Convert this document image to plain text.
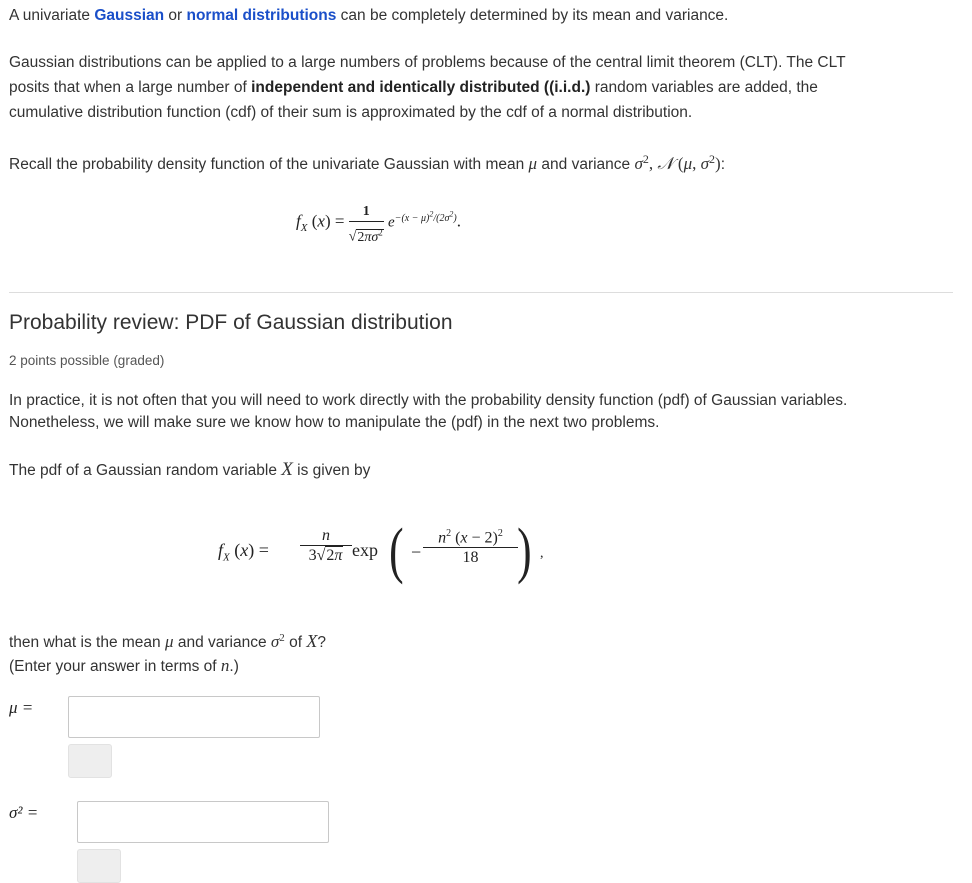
A univariate Gaussian or normal distributions can be completely determined by its mean and variance.
Gaussian distributions can be applied to a large numbers of problems because of the central limit theorem (CLT). The CLT
posits that when a large number of independent and identically distributed ((i.i.d.) random variables are added, the
cumulative distribution function (cdf) of their sum is approximated by the cdf of a normal distribution.
Recall the probability density function of the univariate Gaussian with mean μ and variance $\sigma^2$, 𝒩 (μ, $\sigma^2$):
$f_X$ $(x) = \frac{1}{√2\pi\sigma^2} e^{-(x - \mu)^2/(2\sigma^2)}$.
Probability review: PDF of Gaussian distribution
2 points possible (graded)
In practice, it is not often that you will need to work directly with the probability density function (pdf) of Gaussian variables.
Nonetheless, we will make sure we know how to manipulate the (pdf) in the next two problems.
The pdf of a Gaussian random variable X is given by
$f_X$ $(x) = \frac{n}{3√2\pi}$ exp ( − $\frac{n^2 (x - 2)^2}{18}$ ) ,
then what is the mean μ and variance $\sigma^2$ of X?
(Enter your answer in terms of n.)
μ =
σ² =
